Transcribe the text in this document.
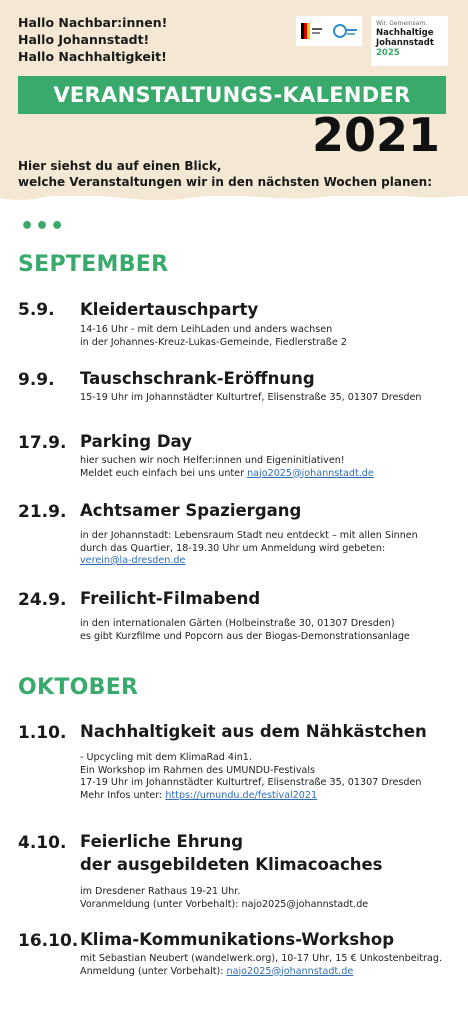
Hallo Nachbar:innen!
Hallo Johannstadt!
Hallo Nachhaltigkeit!
Wir. Gemeinsam.
Nachhaltige
Johannstadt
2025
VERANSTALTUNGS-KALENDER
2021
Hier siehst du auf einen Blick,
welche Veranstaltungen wir in den nächsten Wochen planen:
•••
SEPTEMBER
5.9. Kleidertauschparty
14-16 Uhr - mit dem LeihLaden und anders wachsen
in der Johannes-Kreuz-Lukas-Gemeinde, Fiedlerstraße 2
9.9. Tauschschrank-Eröffnung
15-19 Uhr im Johannstädter Kulturtref, Elisenstraße 35, 01307 Dresden
17.9. Parking Day
hier suchen wir noch Helfer:innen und Eigeninitiativen!
Meldet euch einfach bei uns unter najo2025@johannstadt.de
21.9. Achtsamer Spaziergang
in der Johannstadt: Lebensraum Stadt neu entdeckt – mit allen Sinnen
durch das Quartier, 18-19.30 Uhr um Anmeldung wird gebeten:
verein@la-dresden.de
24.9. Freilicht-Filmabend
in den internationalen Gärten (Holbeinstraße 30, 01307 Dresden)
es gibt Kurzfilme und Popcorn aus der Biogas-Demonstrationsanlage
OKTOBER
1.10. Nachhaltigkeit aus dem Nähkästchen
- Upcycling mit dem KlimaRad 4in1.
Ein Workshop im Rahmen des UMUNDU-Festivals
17-19 Uhr im Johannstädter Kulturtref, Elisenstraße 35, 01307 Dresden
Mehr Infos unter: https://umundu.de/festival2021
4.10. Feierliche Ehrung
der ausgebildeten Klimacoaches
im Dresdener Rathaus 19-21 Uhr.
Voranmeldung (unter Vorbehalt): najo2025@johannstadt.de
16.10. Klima-Kommunikations-Workshop
mit Sebastian Neubert (wandelwerk.org), 10-17 Uhr, 15 € Unkostenbeitrag.
Anmeldung (unter Vorbehalt): najo2025@johannstadt.de
